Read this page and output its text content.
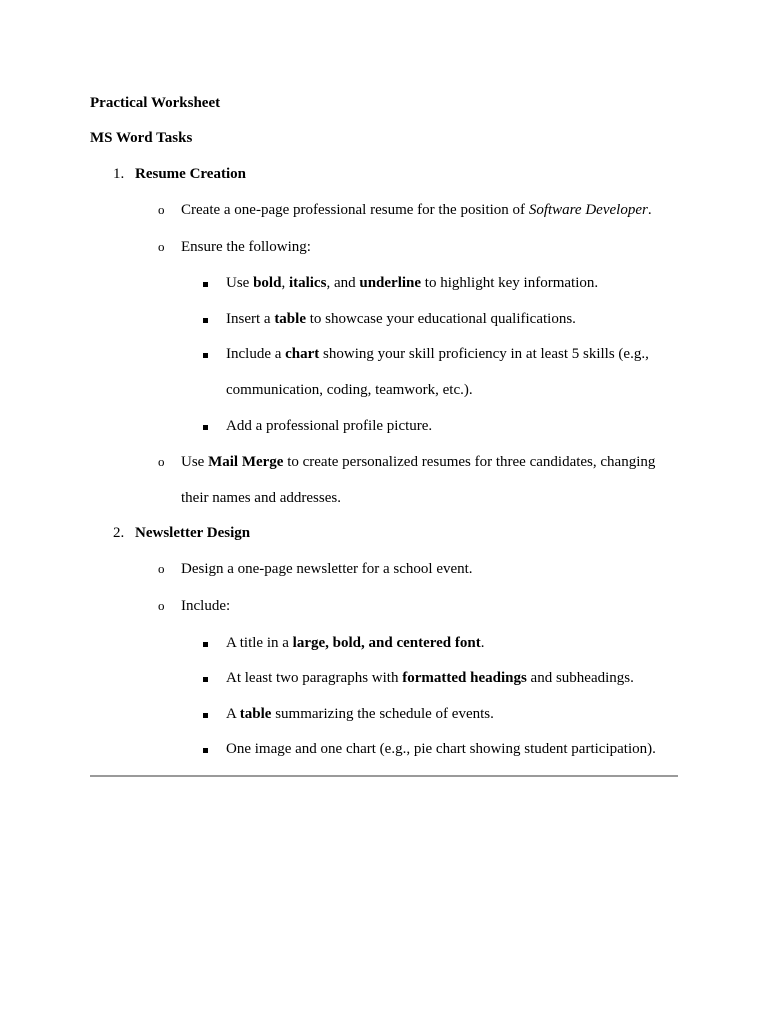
Practical Worksheet
MS Word Tasks
1. Resume Creation
o Create a one-page professional resume for the position of Software Developer.
o Ensure the following:
Use bold, italics, and underline to highlight key information.
Insert a table to showcase your educational qualifications.
Include a chart showing your skill proficiency in at least 5 skills (e.g.,
communication, coding, teamwork, etc.).
Add a professional profile picture.
o Use Mail Merge to create personalized resumes for three candidates, changing
their names and addresses.
2. Newsletter Design
o Design a one-page newsletter for a school event.
o Include:
A title in a large, bold, and centered font.
At least two paragraphs with formatted headings and subheadings.
A table summarizing the schedule of events.
One image and one chart (e.g., pie chart showing student participation).
